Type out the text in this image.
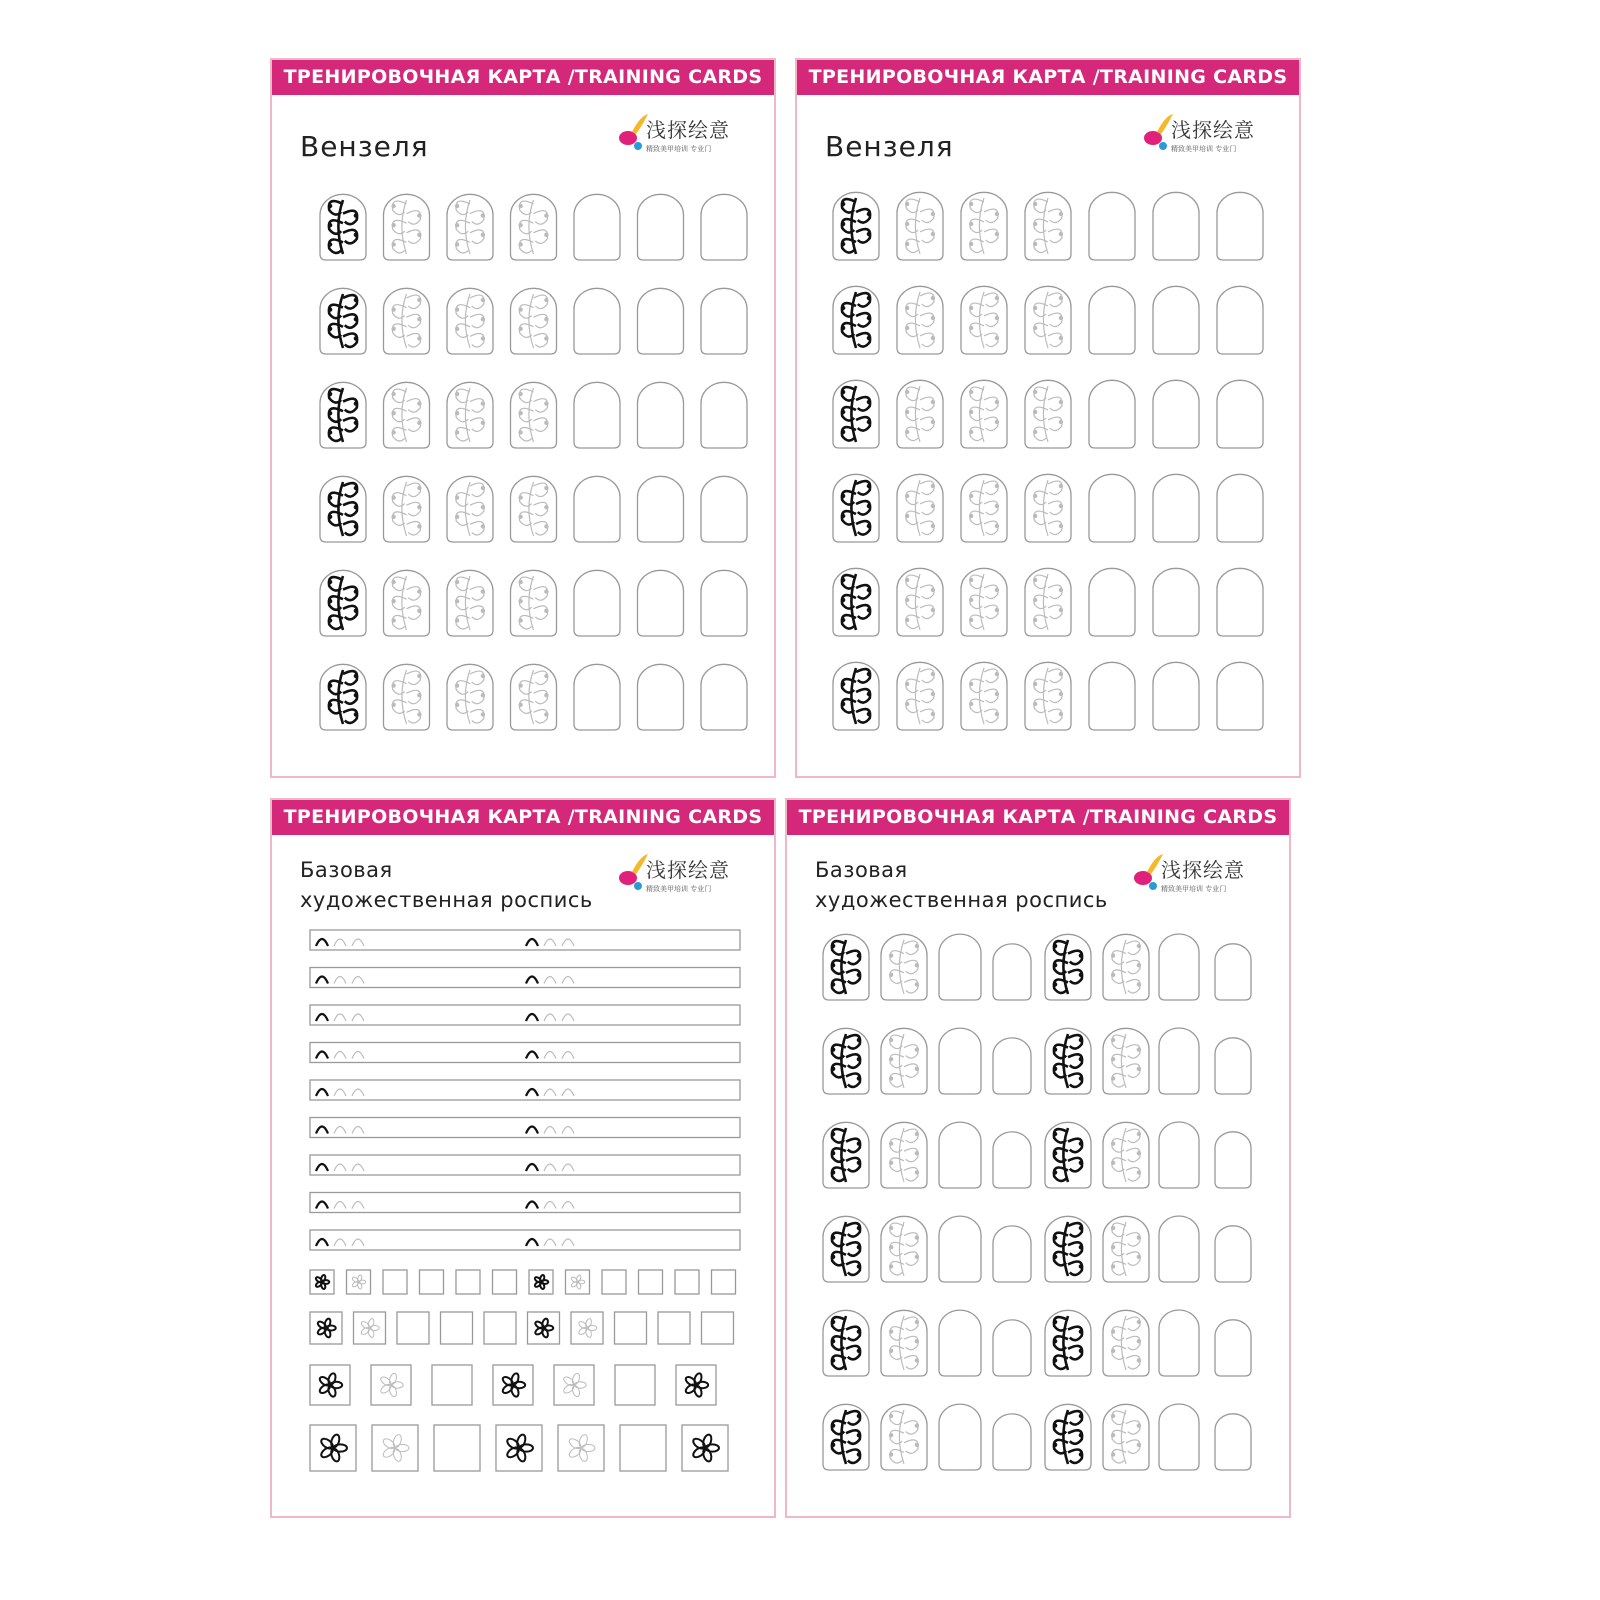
ТРЕНИРОВОЧНАЯ КАРТА /TRAINING CARDS
Вензеля	浅探绘意
精致美甲培训 专业门
ТРЕНИРОВОЧНАЯ КАРТА /TRAINING CARDS
Вензеля	浅探绘意
精致美甲培训 专业门
ТРЕНИРОВОЧНАЯ КАРТА /TRAINING CARDS
Базовая
художественная роспись
浅探绘意
精致美甲培训 专业门
ТРЕНИРОВОЧНАЯ КАРТА /TRAINING CARDS
Базовая
художественная роспись
浅探绘意
精致美甲培训 专业门
